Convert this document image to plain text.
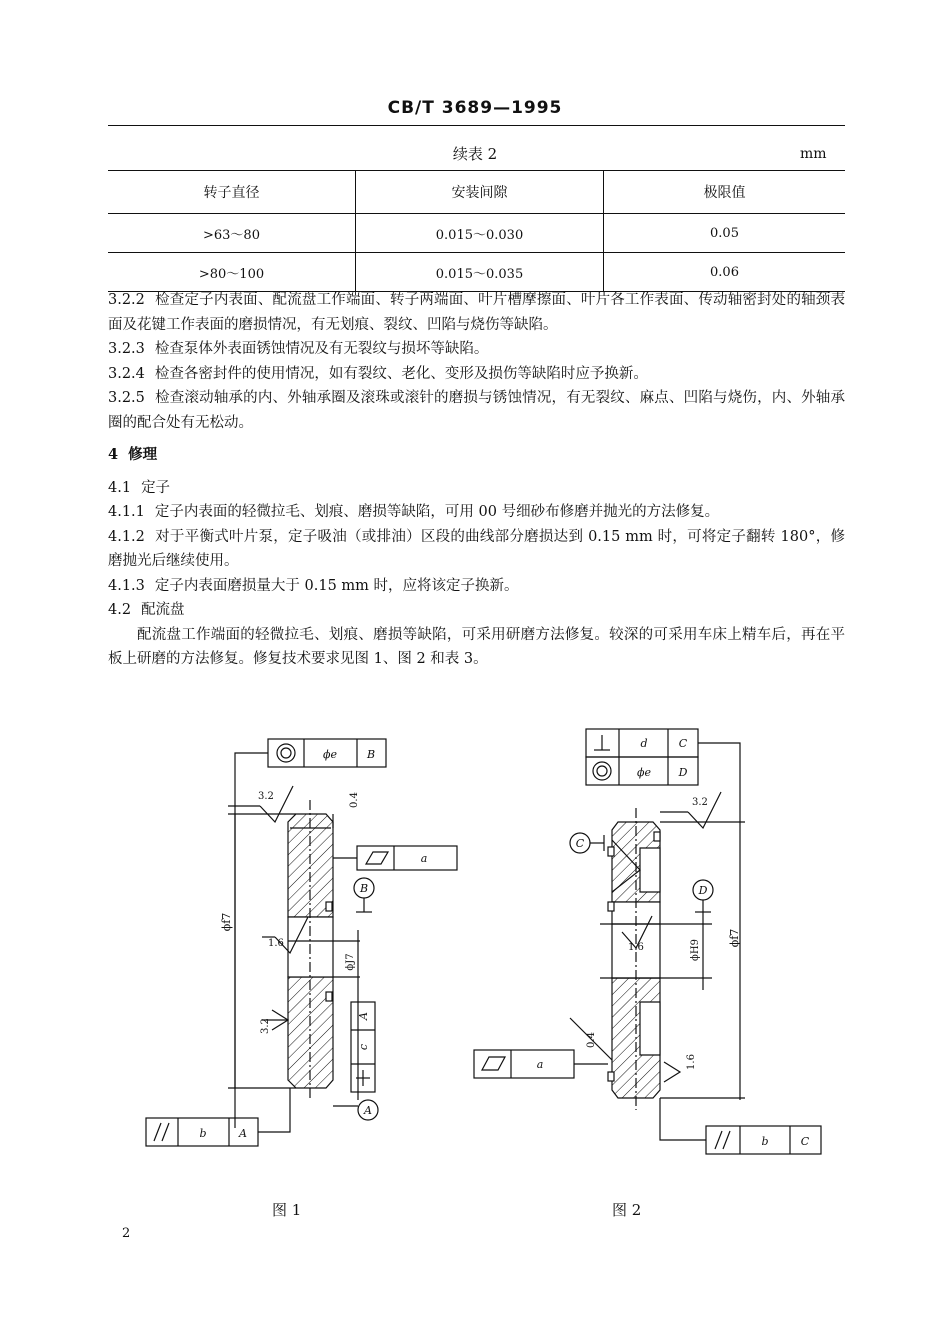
CB/T 3689—1995
续表 2	mm
转子直径	安装间隙	极限值
>63～80	0.015～0.030	0.05
>80～100	0.015～0.035	0.06

3.2.2 检查定子内表面、配流盘工作端面、转子两端面、叶片槽摩擦面、叶片各工作表面、传动轴密封处的轴颈表面及花键工作表面的磨损情况，有无划痕、裂纹、凹陷与烧伤等缺陷。

3.2.3 检查泵体外表面锈蚀情况及有无裂纹与损坏等缺陷。

3.2.4 检查各密封件的使用情况，如有裂纹、老化、变形及损伤等缺陷时应予换新。

3.2.5 检查滚动轴承的内、外轴承圈及滚珠或滚针的磨损与锈蚀情况，有无裂纹、麻点、凹陷与烧伤，内、外轴承圈的配合处有无松动。

4 修理

4.1 定子

4.1.1 定子内表面的轻微拉毛、划痕、磨损等缺陷，可用 00 号细砂布修磨并抛光的方法修复。

4.1.2 对于平衡式叶片泵，定子吸油（或排油）区段的曲线部分磨损达到 0.15 mm 时，可将定子翻转 180°，修磨抛光后继续使用。

4.1.3 定子内表面磨损量大于 0.15 mm 时，应将该定子换新。

4.2 配流盘

配流盘工作端面的轻微拉毛、划痕、磨损等缺陷，可采用研磨方法修复。较深的可采用车床上精车后，再在平板上研磨的方法修复。修复技术要求见图 1、图 2 和表 3。

ϕe	B
ϕf7
ϕJ7
3.2
1.6
3.2
0.4
a
B
A
c
A
b	A
d	C
ϕe	D
ϕf7
ϕH9
3.2
1.6
1.6
0.4
C
D
a
b	C
图 1	图 2
2
